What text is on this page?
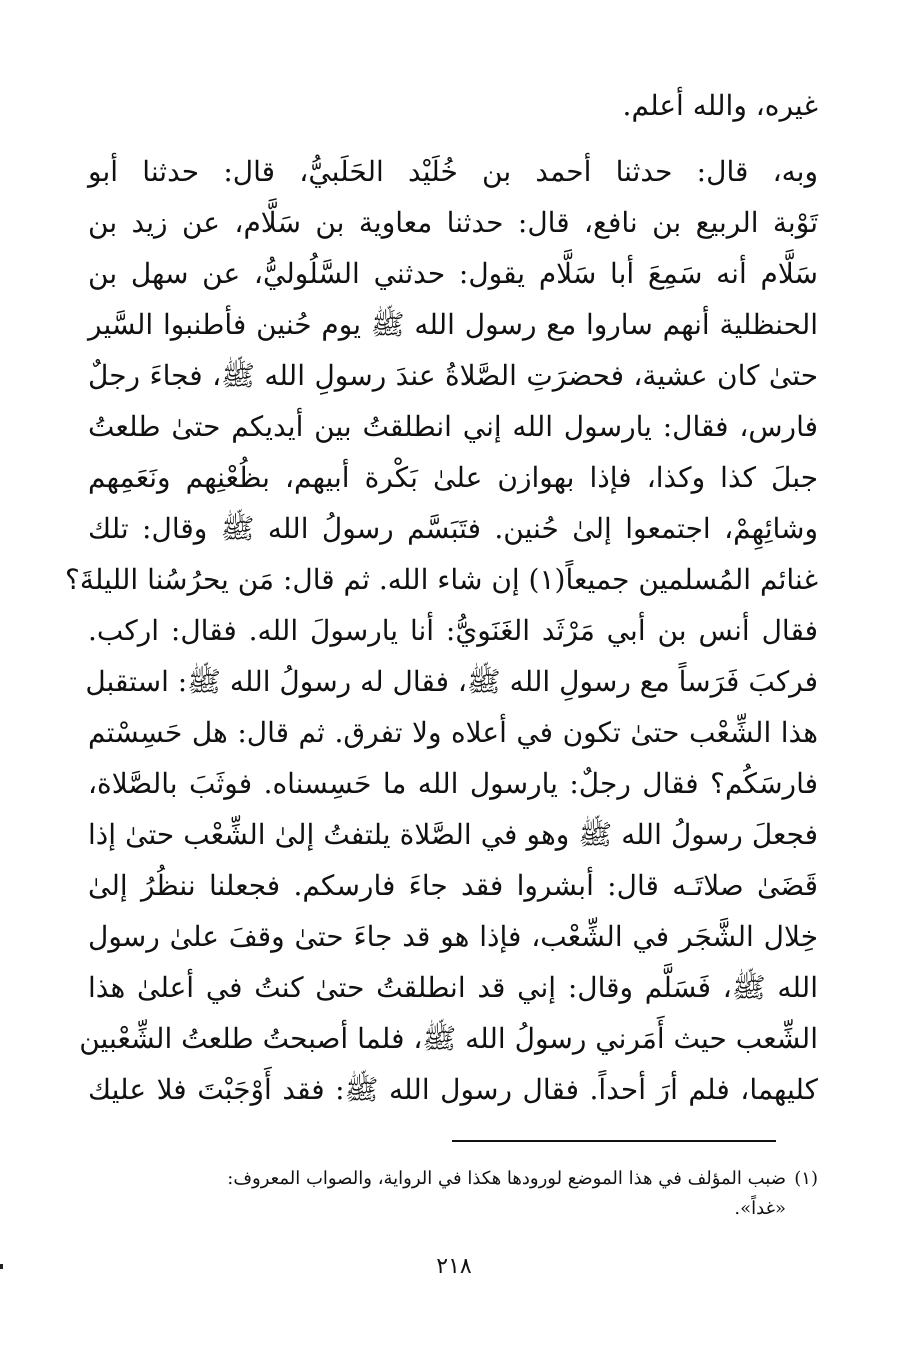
غيره، والله أعلم.
وبه، قال: حدثنا أحمد بن خُلَيْد الحَلَبيُّ، قال: حدثنا أبو
تَوْبة الربيع بن نافع، قال: حدثنا معاوية بن سَلَّام، عن زيد بن
سَلَّام أنه سَمِعَ أبا سَلَّام يقول: حدثني السَّلُوليُّ، عن سهل بن
الحنظلية أنهم ساروا مع رسول الله ﷺ يوم حُنين فأطنبوا السَّير
حتىٰ كان عشية، فحضرَتِ الصَّلاةُ عندَ رسولِ الله ﷺ، فجاءَ رجلٌ
فارس، فقال: يارسول الله إني انطلقتُ بين أيديكم حتىٰ طلعتُ
جبلَ كذا وكذا، فإذا بهوازن علىٰ بَكْرة أبيهم، بظُعْنِهم ونَعَمِهم
وشائِهِمْ، اجتمعوا إلىٰ حُنين. فتَبَسَّم رسولُ الله ﷺ وقال: تلك
غنائم المُسلمين جميعاً(١) إن شاء الله. ثم قال: مَن يحرُسُنا الليلةَ؟
فقال أنس بن أبي مَرْثَد الغَنَويُّ: أنا يارسولَ الله. فقال: اركب.
فركبَ فَرَساً مع رسولِ الله ﷺ، فقال له رسولُ الله ﷺ: استقبل
هذا الشِّعْب حتىٰ تكون في أعلاه ولا تفرق. ثم قال: هل حَسِسْتم
فارسَكُم؟ فقال رجلٌ: يارسول الله ما حَسِسناه. فوثَبَ بالصَّلاة،
فجعلَ رسولُ الله ﷺ وهو في الصَّلاة يلتفتُ إلىٰ الشِّعْب حتىٰ إذا
قَضَىٰ صلاتَـه قال: أبشروا فقد جاءَ فارسكم. فجعلنا ننظُرُ إلىٰ
خِلال الشَّجَر في الشِّعْب، فإذا هو قد جاءَ حتىٰ وقفَ علىٰ رسول
الله ﷺ، فَسَلَّم وقال: إني قد انطلقتُ حتىٰ كنتُ في أعلىٰ هذا
الشِّعب حيث أَمَرني رسولُ الله ﷺ، فلما أصبحتُ طلعتُ الشِّعْبين
كليهما، فلم أرَ أحداً. فقال رسول الله ﷺ: فقد أَوْجَبْتَ فلا عليك
(١)
ضبب المؤلف في هذا الموضع لورودها هكذا في الرواية، والصواب المعروف:
«غداً».
٢١٨
